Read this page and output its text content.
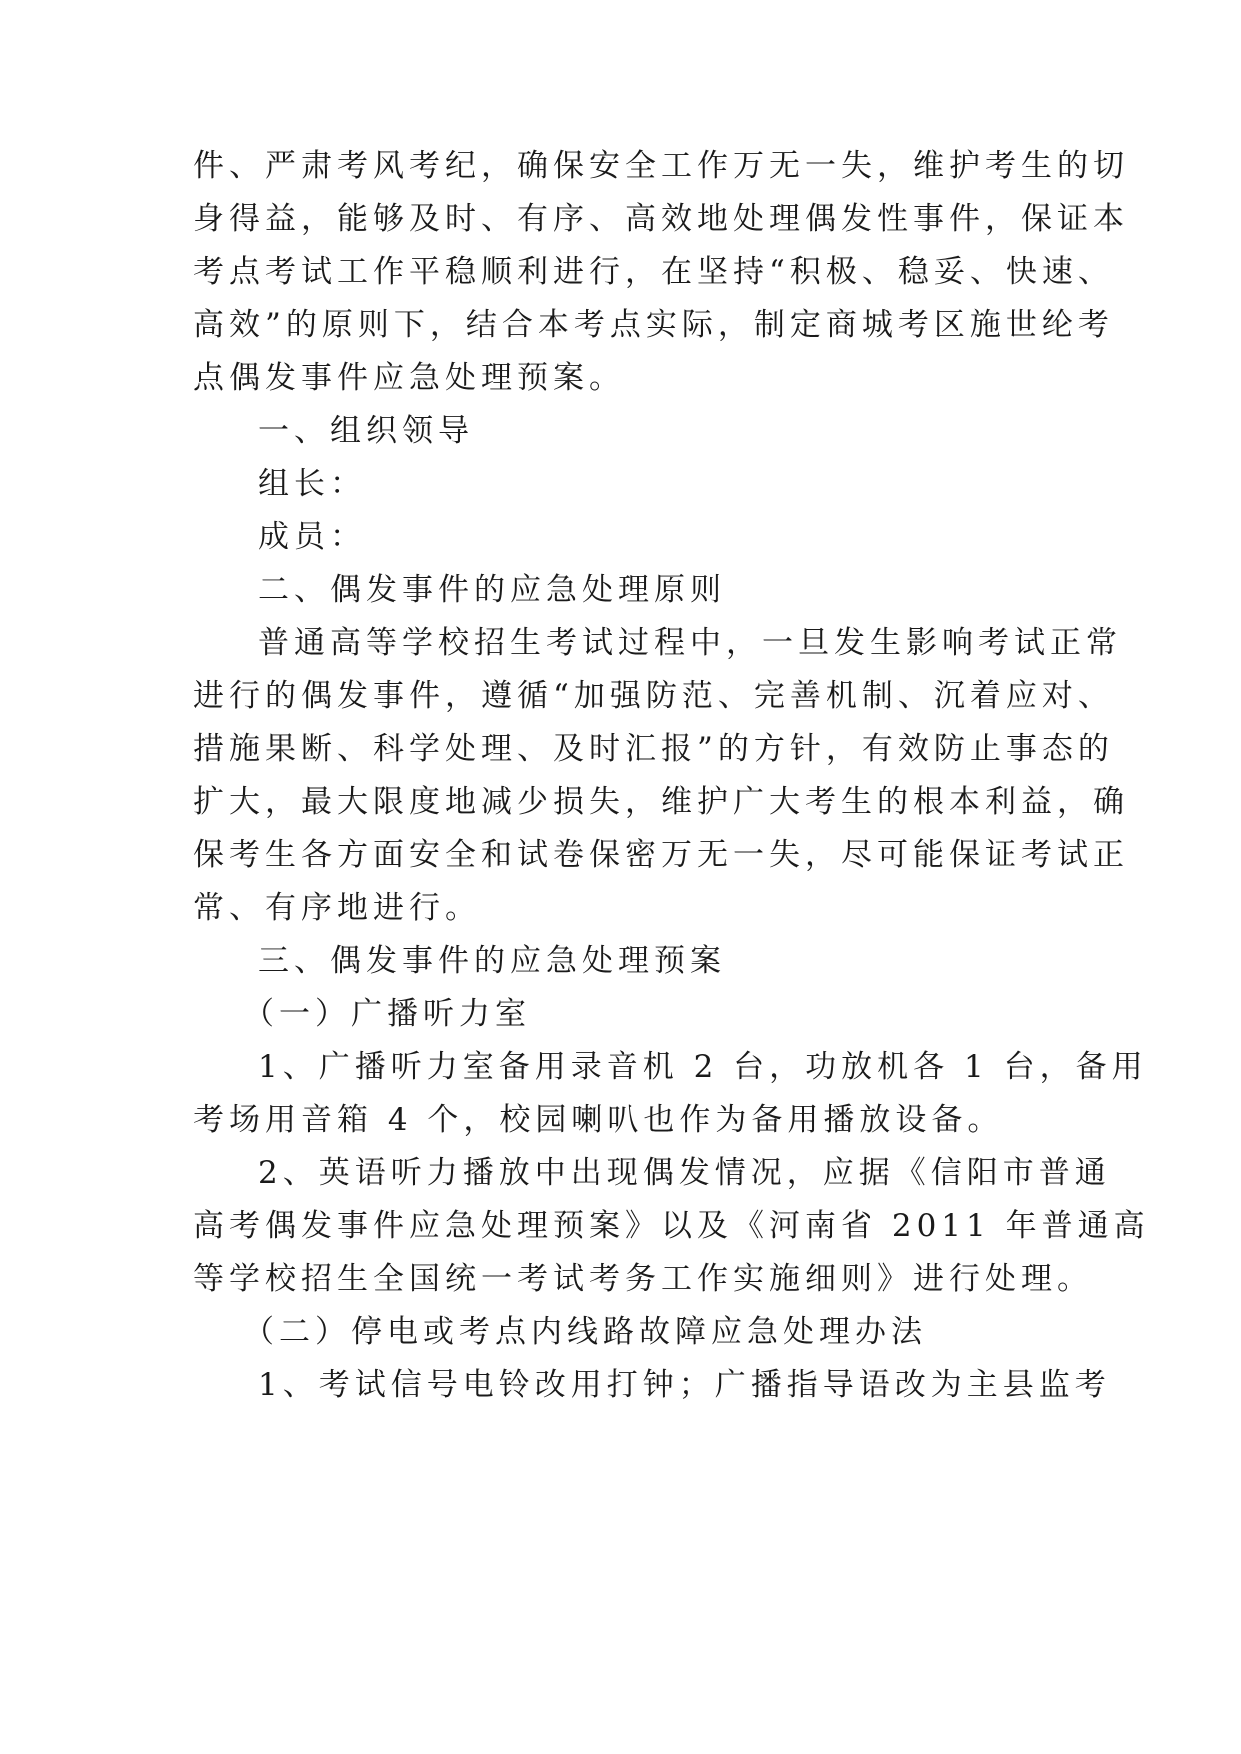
件、严肃考风考纪，确保安全工作万无一失，维护考生的切
身得益，能够及时、有序、高效地处理偶发性事件，保证本
考点考试工作平稳顺利进行，在坚持“积极、稳妥、快速、
高效”的原则下，结合本考点实际，制定商城考区施世纶考
点偶发事件应急处理预案。
一、组织领导
组长：
成员：
二、偶发事件的应急处理原则
普通高等学校招生考试过程中，一旦发生影响考试正常
进行的偶发事件，遵循“加强防范、完善机制、沉着应对、
措施果断、科学处理、及时汇报”的方针，有效防止事态的
扩大，最大限度地减少损失，维护广大考生的根本利益，确
保考生各方面安全和试卷保密万无一失，尽可能保证考试正
常、有序地进行。
三、偶发事件的应急处理预案
（一）广播听力室
1、广播听力室备用录音机 2 台，功放机各 1 台，备用
考场用音箱 4 个，校园喇叭也作为备用播放设备。
2、英语听力播放中出现偶发情况，应据《信阳市普通
高考偶发事件应急处理预案》以及《河南省 2011 年普通高
等学校招生全国统一考试考务工作实施细则》进行处理。
（二）停电或考点内线路故障应急处理办法
1、考试信号电铃改用打钟；广播指导语改为主县监考
